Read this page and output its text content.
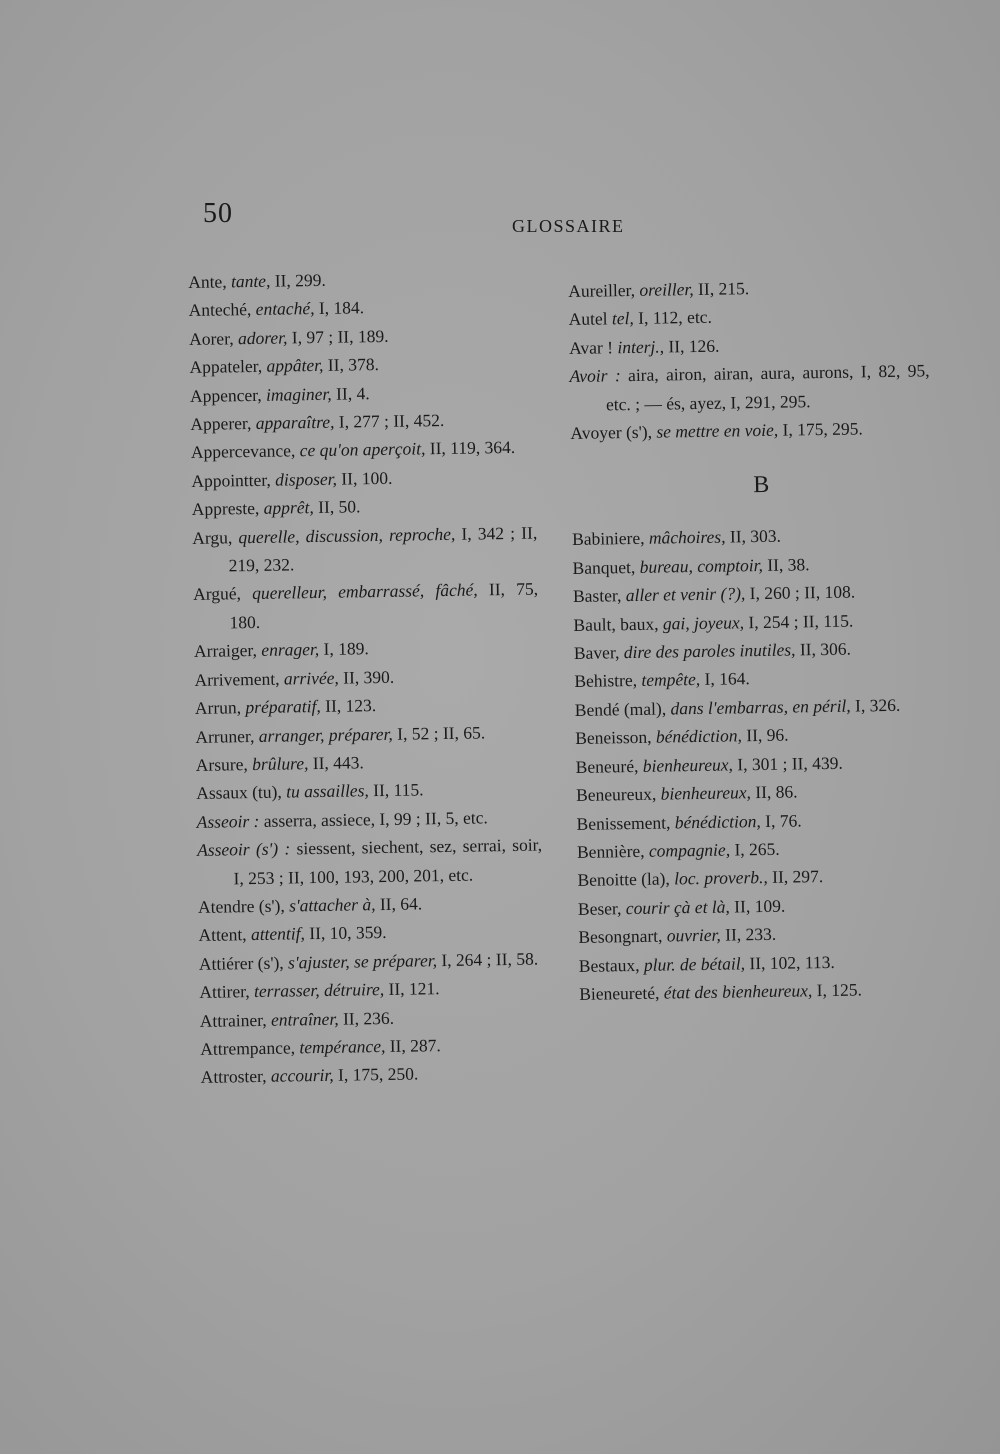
50	GLOSSAIRE
Ante, tante, II, 299.
Anteché, entaché, I, 184.
Aorer, adorer, I, 97 ; II, 189.
Appateler, appâter, II, 378.
Appencer, imaginer, II, 4.
Apperer, apparaître, I, 277 ; II, 452.
Appercevance, ce qu'on aperçoit, II, 119, 364.
Appointter, disposer, II, 100.
Appreste, apprêt, II, 50.
Argu, querelle, discussion, reproche, I, 342 ; II, 219, 232.
Argué, querelleur, embarrassé, fâché, II, 75, 180.
Arraiger, enrager, I, 189.
Arrivement, arrivée, II, 390.
Arrun, préparatif, II, 123.
Arruner, arranger, préparer, I, 52 ; II, 65.
Arsure, brûlure, II, 443.
Assaux (tu), tu assailles, II, 115.
Asseoir : asserra, assiece, I, 99 ; II, 5, etc.
Asseoir (s') : siessent, siechent, sez, serrai, soir, I, 253 ; II, 100, 193, 200, 201, etc.
Atendre (s'), s'attacher à, II, 64.
Attent, attentif, II, 10, 359.
Attiérer (s'), s'ajuster, se préparer, I, 264 ; II, 58.
Attirer, terrasser, détruire, II, 121.
Attrainer, entraîner, II, 236.
Attrempance, tempérance, II, 287.
Attroster, accourir, I, 175, 250.
Aureiller, oreiller, II, 215.
Autel tel, I, 112, etc.
Avar ! interj., II, 126.
Avoir : aira, airon, airan, aura, aurons, I, 82, 95, etc. ; — és, ayez, I, 291, 295.
Avoyer (s'), se mettre en voie, I, 175, 295.
B
Babiniere, mâchoires, II, 303.
Banquet, bureau, comptoir, II, 38.
Baster, aller et venir (?), I, 260 ; II, 108.
Bault, baux, gai, joyeux, I, 254 ; II, 115.
Baver, dire des paroles inutiles, II, 306.
Behistre, tempête, I, 164.
Bendé (mal), dans l'embarras, en péril, I, 326.
Beneisson, bénédiction, II, 96.
Beneuré, bienheureux, I, 301 ; II, 439.
Beneureux, bienheureux, II, 86.
Benissement, bénédiction, I, 76.
Bennière, compagnie, I, 265.
Benoitte (la), loc. proverb., II, 297.
Beser, courir çà et là, II, 109.
Besongnart, ouvrier, II, 233.
Bestaux, plur. de bétail, II, 102, 113.
Bieneureté, état des bienheureux, I, 125.
